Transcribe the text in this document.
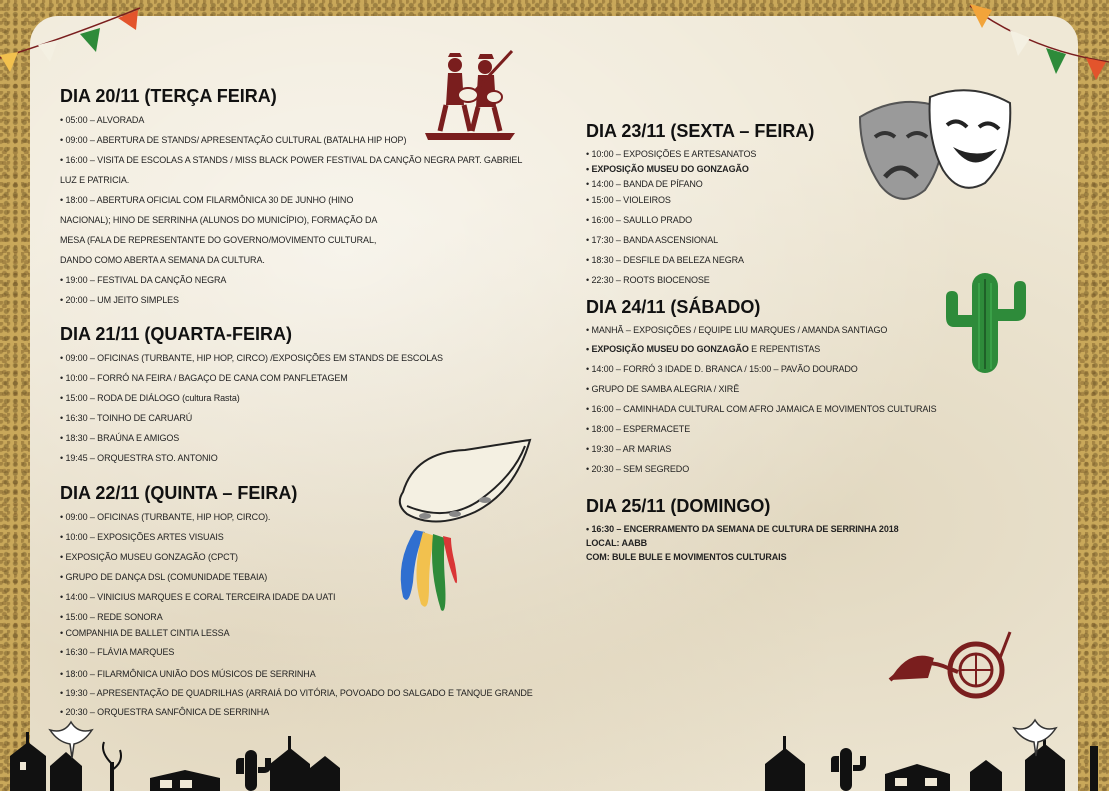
DIA 20/11 (TERÇA FEIRA)

• 05:00 – ALVORADA

• 09:00 – ABERTURA DE STANDS/ APRESENTAÇÃO CULTURAL (BATALHA HIP HOP)

• 16:00 – VISITA DE ESCOLAS A STANDS / MISS BLACK POWER FESTIVAL DA CANÇÃO NEGRA PART. GABRIEL

LUZ E PATRICIA.

• 18:00 – ABERTURA OFICIAL COM FILARMÔNICA 30 DE JUNHO (HINO

NACIONAL); HINO DE SERRINHA (ALUNOS DO MUNICÍPIO), FORMAÇÃO DA

MESA (FALA DE REPRESENTANTE DO GOVERNO/MOVIMENTO CULTURAL,

DANDO COMO ABERTA A SEMANA DA CULTURA.

• 19:00 – FESTIVAL DA CANÇÃO NEGRA

• 20:00 – UM JEITO SIMPLES

DIA 21/11 (QUARTA-FEIRA)

• 09:00 – OFICINAS (TURBANTE, HIP HOP, CIRCO) /EXPOSIÇÕES EM STANDS DE ESCOLAS

• 10:00 – FORRÓ NA FEIRA / BAGAÇO DE CANA COM PANFLETAGEM

• 15:00 – RODA DE DIÁLOGO (cultura Rasta)

• 16:30 – TOINHO DE CARUARÚ

• 18:30 – BRAÚNA E AMIGOS

• 19:45 – ORQUESTRA STO. ANTONIO

DIA 22/11 (QUINTA – FEIRA)

• 09:00 – OFICINAS (TURBANTE, HIP HOP, CIRCO).

• 10:00 – EXPOSIÇÕES ARTES VISUAIS

• EXPOSIÇÃO MUSEU GONZAGÃO (CPCT)

• GRUPO DE DANÇA DSL (COMUNIDADE TEBAIA)

• 14:00 – VINICIUS MARQUES E CORAL TERCEIRA IDADE DA UATI

• 15:00 – REDE SONORA

• COMPANHIA DE BALLET CINTIA LESSA

• 16:30 – FLÁVIA MARQUES

• 18:00 – FILARMÔNICA UNIÃO DOS MÚSICOS DE SERRINHA

• 19:30 – APRESENTAÇÃO DE QUADRILHAS (ARRAIÁ DO VITÓRIA, POVOADO DO SALGADO E TANQUE GRANDE

• 20:30 – ORQUESTRA SANFÔNICA DE SERRINHA

DIA 23/11 (SEXTA – FEIRA)

• 10:00 – EXPOSIÇÕES E ARTESANATOS

• EXPOSIÇÃO MUSEU DO GONZAGÃO

• 14:00 – BANDA DE PÍFANO

• 15:00 – VIOLEIROS

• 16:00 – SAULLO PRADO

• 17:30 – BANDA ASCENSIONAL

• 18:30 – DESFILE DA BELEZA NEGRA

• 22:30 – ROOTS BIOCENOSE

DIA 24/11 (SÁBADO)

• MANHÃ – EXPOSIÇÕES / EQUIPE LIU MARQUES / AMANDA SANTIAGO

• EXPOSIÇÃO MUSEU DO GONZAGÃO E REPENTISTAS

• 14:00 – FORRÓ 3 IDADE D. BRANCA / 15:00 – PAVÃO DOURADO

• GRUPO DE SAMBA ALEGRIA / XIRÊ

• 16:00 – CAMINHADA CULTURAL COM AFRO JAMAICA E MOVIMENTOS CULTURAIS

• 18:00 – ESPERMACETE

• 19:30 – AR MARIAS

• 20:30 – SEM SEGREDO

DIA 25/11 (DOMINGO)

• 16:30 – ENCERRAMENTO DA SEMANA DE CULTURA DE SERRINHA 2018

LOCAL: AABB

COM: BULE BULE E MOVIMENTOS CULTURAIS
